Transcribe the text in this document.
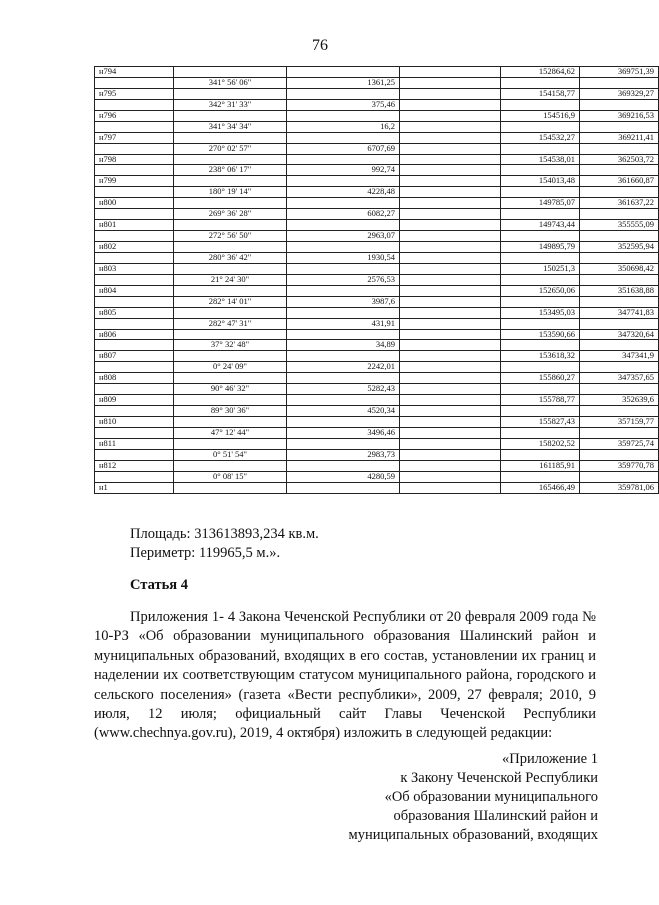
76
н794				152864,62	369751,39
	341° 56' 06"	1361,25			
н795				154158,77	369329,27
	342° 31' 33"	375,46			
н796				154516,9	369216,53
	341° 34' 34"	16,2			
н797				154532,27	369211,41
	270° 02' 57"	6707,69			
н798				154538,01	362503,72
	238° 06' 17"	992,74			
н799				154013,48	361660,87
	180° 19' 14"	4228,48			
н800				149785,07	361637,22
	269° 36' 28"	6082,27			
н801				149743,44	355555,09
	272° 56' 50"	2963,07			
н802				149895,79	352595,94
	280° 36' 42"	1930,54			
н803				150251,3	350698,42
	21° 24' 30"	2576,53			
н804				152650,06	351638,88
	282° 14' 01"	3987,6			
н805				153495,03	347741,83
	282° 47' 31"	431,91			
н806				153590,66	347320,64
	37° 32' 48"	34,89			
н807				153618,32	347341,9
	0° 24' 09"	2242,01			
н808				155860,27	347357,65
	90° 46' 32"	5282,43			
н809				155788,77	352639,6
	89° 30' 36"	4520,34			
н810				155827,43	357159,77
	47° 12' 44"	3496,46			
н811				158202,52	359725,74
	0° 51' 54"	2983,73			
н812				161185,91	359770,78
	0° 08' 15"	4280,59			
н1				165466,49	359781,06
Площадь: 313613893,234 кв.м.
Периметр: 119965,5 м.».
Статья 4
Приложения 1- 4 Закона Чеченской Республики от 20 февраля 2009 года № 10-РЗ «Об образовании муниципального образования Шалинский район и муниципальных образований, входящих в его состав, установлении их границ и наделении их соответствующим статусом муниципального района, городского и сельского поселения» (газета «Вести республики», 2009, 27 февраля; 2010, 9 июля, 12 июля; официальный сайт Главы Чеченской Республики (www.chechnya.gov.ru), 2019, 4 октября) изложить в следующей редакции:
«Приложение 1
к Закону Чеченской Республики
«Об образовании муниципального
образования Шалинский район и
муниципальных образований, входящих
